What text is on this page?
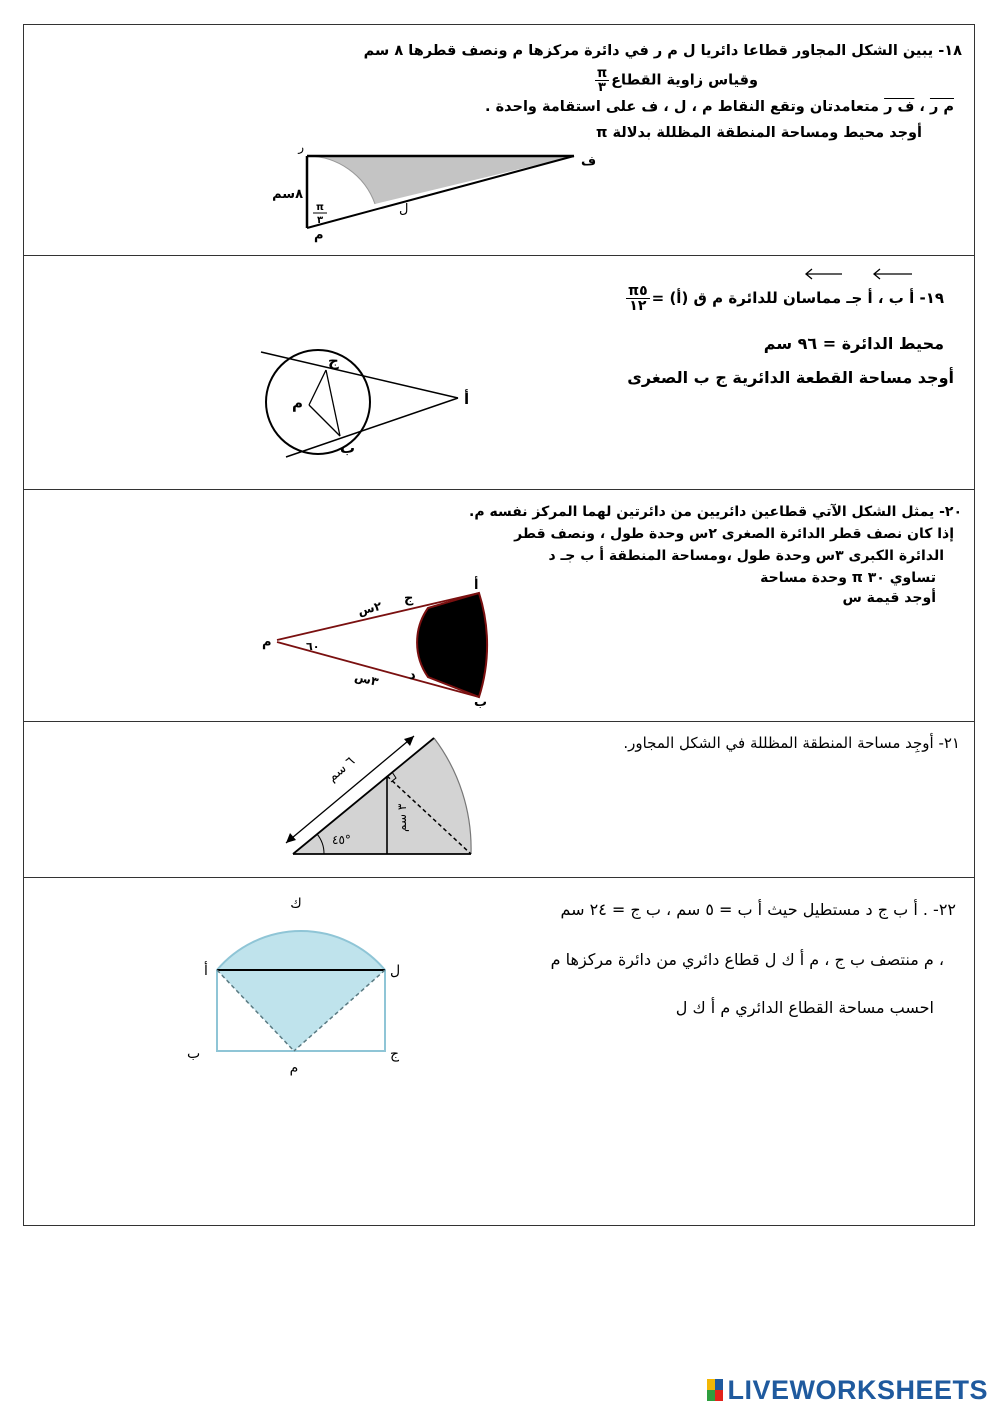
١٨- يبين الشكل المجاور قطاعا دائريا ل م ر في دائرة مركزها م ونصف قطرها ٨ سم
وقياس زاوية القطاع
$\frac{\pi}{٣}$
م ر ، ف ر متعامدتان وتقع النقاط م ، ل ، ف على استقامة واحدة .
أوجد محيط ومساحة المنطقة المظللة بدلالة π
ر
ف
ل
م
٨سم
π
٣
١٩- أ ب ، أ جـ مماسان للدائرة م ق (أ) =
$\frac{\pi ٥}{١٢}$
محيط الدائرة = ٩٦ سم
أوجد مساحة القطعة الدائرية ج ب الصغرى
ج
م
ب
أ
٢٠- يمثل الشكل الآتي قطاعين دائريين من دائرتين لهما المركز نفسه م.
إذا كان نصف قطر الدائرة الصغرى ٢س وحدة طول ، ونصف قطر
الدائرة الكبرى ٣س وحدة طول ،ومساحة المنطقة أ ب جـ د
تساوي ٣٠ π وحدة مساحة
أوجد قيمة س
أ
ج
م
د
ب
٢س
٣س
٦٠
٢١- أوجِد مساحة المنطقة المظللة في الشكل المجاور.
٦ سم
٣ سم
٤٥°
٢٢- . أ ب ج د مستطيل حيث أ ب = ٥ سم ، ب ج = ٢٤ سم
، م منتصف ب ج ، م أ ك ل قطاع دائري من دائرة مركزها م
احسب مساحة القطاع الدائري م أ ك ل
ك
أ	ل
ب
م
ج
LIVEWORKSHEETS
